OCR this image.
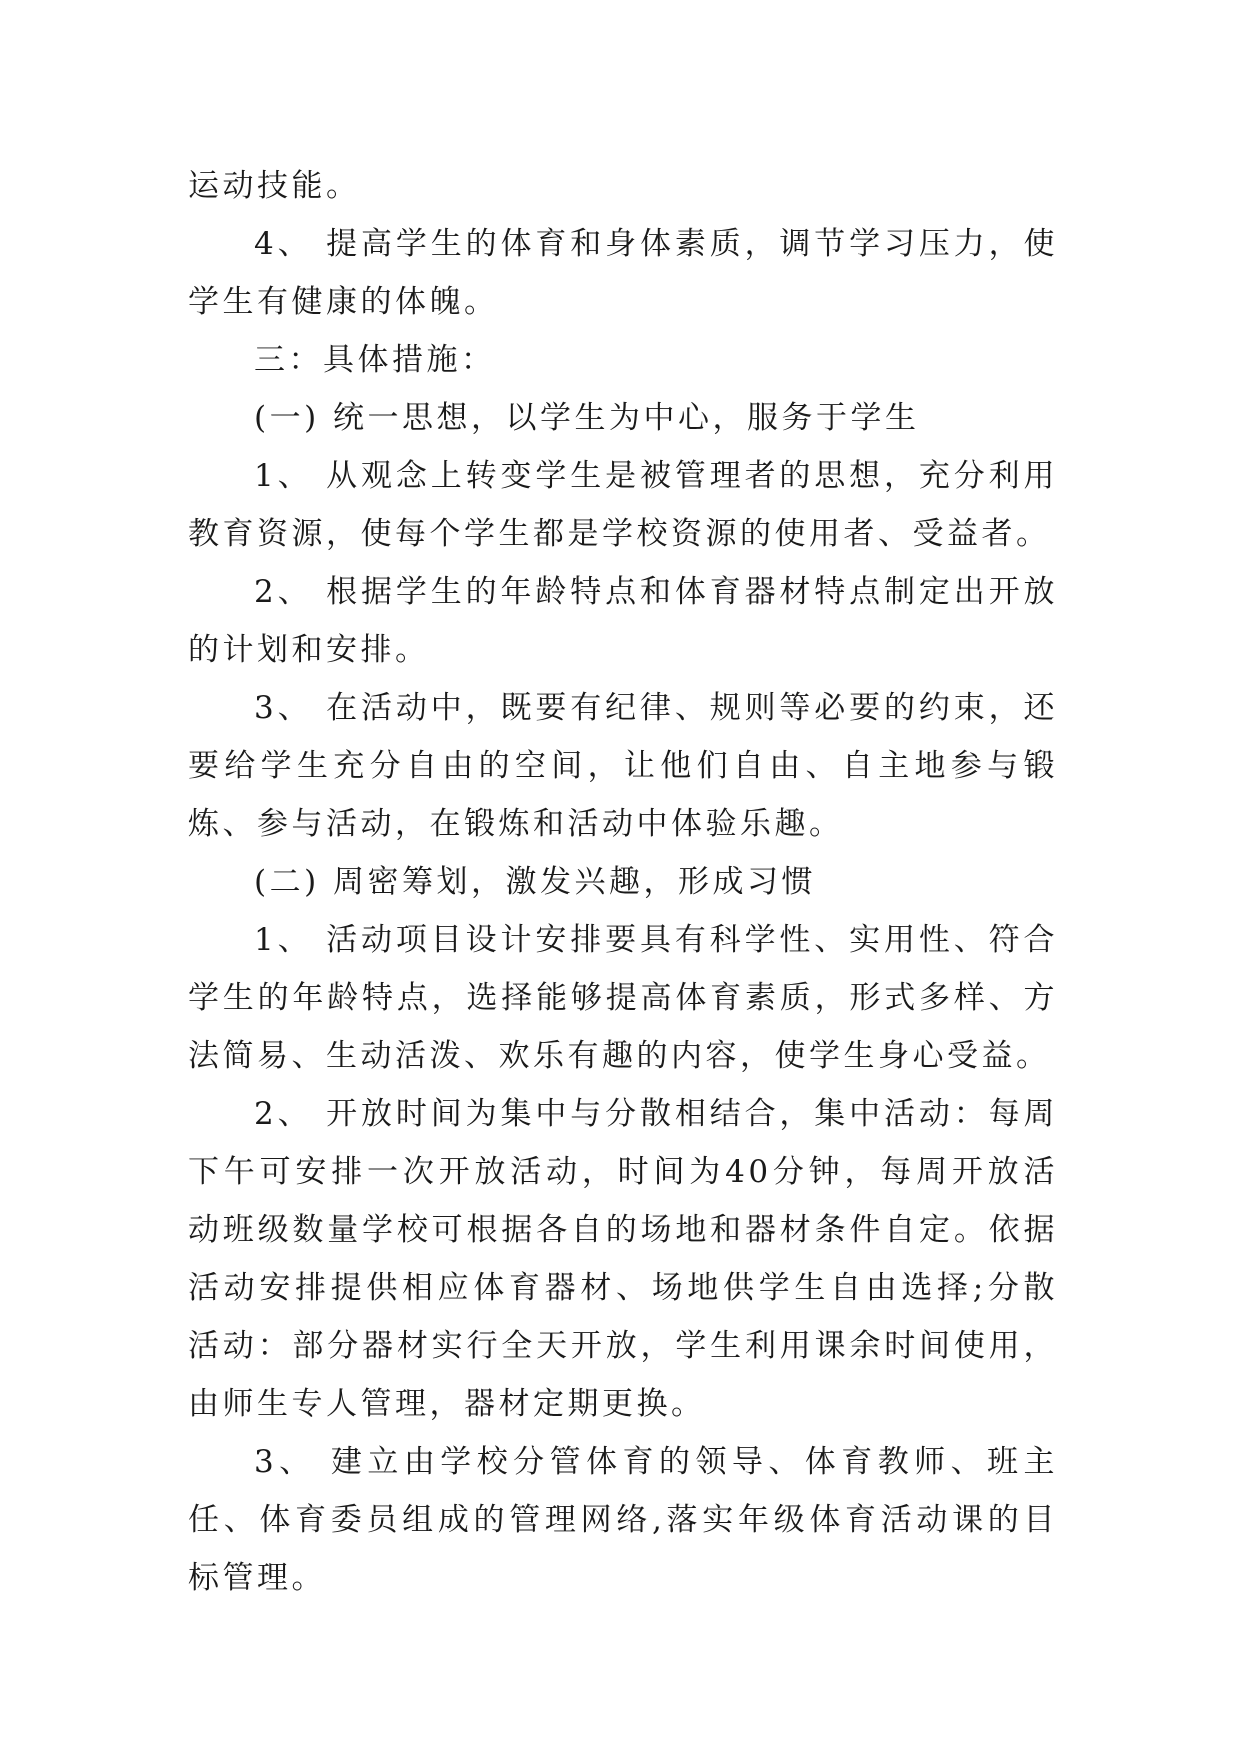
运动技能。

4、 提高学生的体育和身体素质，调节学习压力，使学生有健康的体魄。

三：具体措施：

(一) 统一思想，以学生为中心，服务于学生

1、 从观念上转变学生是被管理者的思想，充分利用教育资源，使每个学生都是学校资源的使用者、受益者。

2、 根据学生的年龄特点和体育器材特点制定出开放的计划和安排。

3、 在活动中，既要有纪律、规则等必要的约束，还要给学生充分自由的空间，让他们自由、自主地参与锻炼、参与活动，在锻炼和活动中体验乐趣。

(二) 周密筹划，激发兴趣，形成习惯

1、 活动项目设计安排要具有科学性、实用性、符合学生的年龄特点，选择能够提高体育素质，形式多样、方法简易、生动活泼、欢乐有趣的内容，使学生身心受益。

2、 开放时间为集中与分散相结合，集中活动：每周下午可安排一次开放活动，时间为40分钟，每周开放活动班级数量学校可根据各自的场地和器材条件自定。依据活动安排提供相应体育器材、场地供学生自由选择;分散活动：部分器材实行全天开放，学生利用课余时间使用，由师生专人管理，器材定期更换。

3、 建立由学校分管体育的领导、体育教师、班主任、体育委员组成的管理网络,落实年级体育活动课的目标管理。
